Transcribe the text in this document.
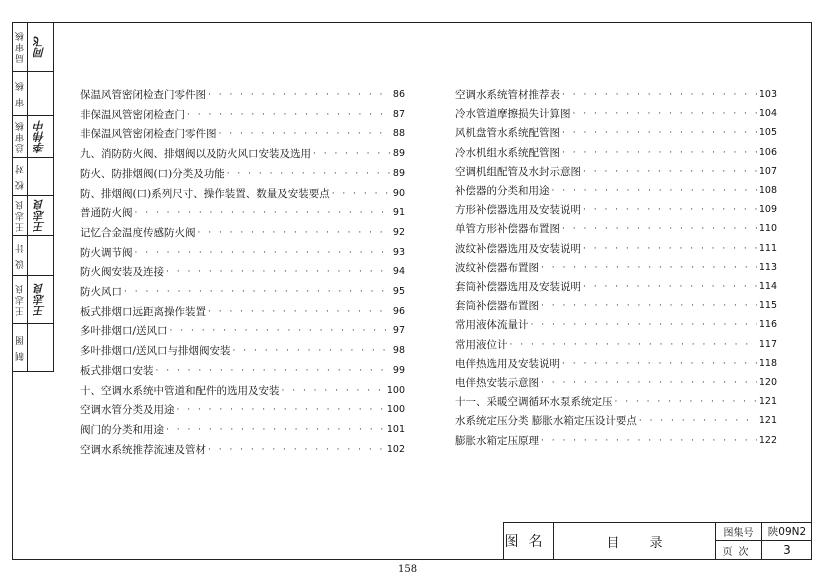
局审核 同飞
审 核
总审核 李伟中
校 对
王志良 王志良
设 计
王志良 王志良
制 图
保温风管密闭检查门零件图 · · ·	86
非保温风管密闭检查门 · · ·	87
非保温风管密闭检查门零件图 · · ·	88
九、消防防火阀、排烟阀以及防火风口安装及选用 · · ·	89
防火、防排烟阀(口)分类及功能 · · ·	89
防、排烟阀(口)系列尺寸、操作装置、数量及安装要点 · · ·	90
普通防火阀 · · ·	91
记忆合金温度传感防火阀 · · ·	92
防火调节阀 · · ·	93
防火阀安装及连接 · · ·	94
防火风口 · · ·	95
板式排烟口远距离操作装置 · · ·	96
多叶排烟口/送风口 · · ·	97
多叶排烟口/送风口与排烟阀安装 · · ·	98
板式排烟口安装 · · ·	99
十、空调水系统中管道和配件的选用及安装 · · ·	100
空调水管分类及用途 · · ·	100
阀门的分类和用途 · · ·	101
空调水系统推荐流速及管材 · · ·	102
空调水系统管材推荐表 · · ·	103
冷水管道摩擦损失计算图 · · ·	104
风机盘管水系统配管图 · · ·	105
冷水机组水系统配管图 · · ·	106
空调机组配管及水封示意图 · · ·	107
补偿器的分类和用途 · · ·	108
方形补偿器选用及安装说明 · · ·	109
单管方形补偿器布置图 · · ·	110
波纹补偿器选用及安装说明 · · ·	111
波纹补偿器布置图 · · ·	113
套筒补偿器选用及安装说明 · · ·	114
套筒补偿器布置图 · · ·	115
常用液体流量计 · · ·	116
常用液位计 · · ·	117
电伴热选用及安装说明 · · ·	118
电伴热安装示意图 · · ·	120
十一、采暖空调循环水泵系统定压 · · ·	121
水系统定压分类 膨胀水箱定压设计要点 · · ·	121
膨胀水箱定压原理 · · ·	122
图名	目录
图集号	陕09N2
页次	3
158
